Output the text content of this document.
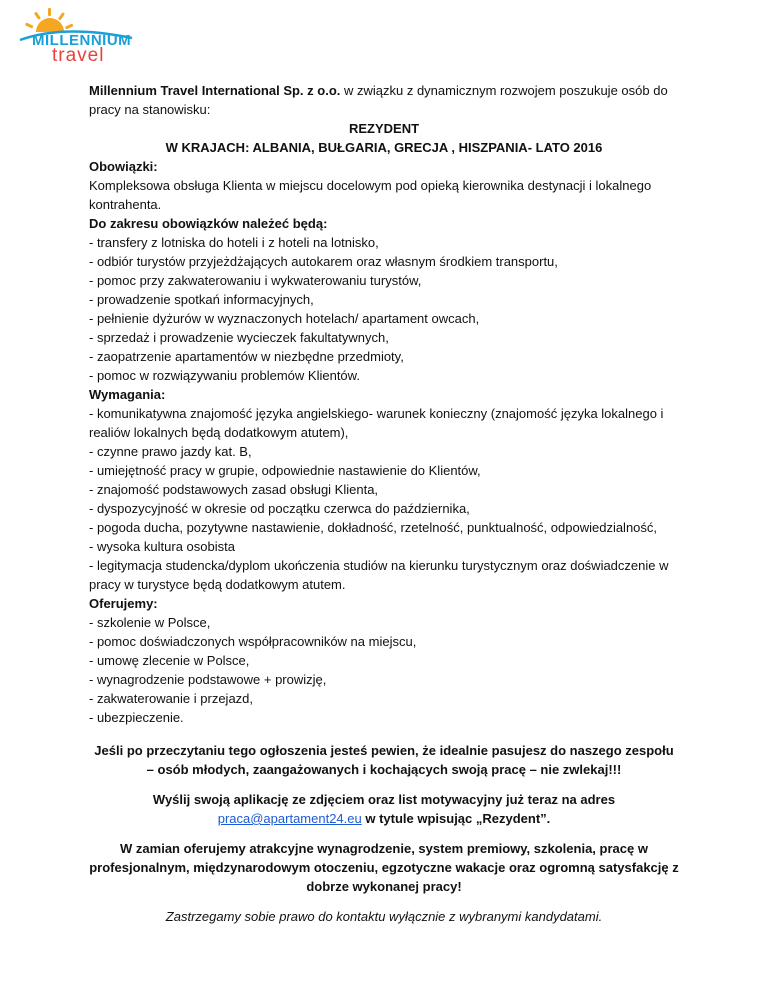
MILLENNIUM
travel

Millennium Travel International Sp. z o.o. w związku z dynamicznym rozwojem poszukuje osób do pracy na stanowisku:

REZYDENT

W KRAJACH: ALBANIA, BUŁGARIA, GRECJA , HISZPANIA- LATO 2016

Obowiązki:

Kompleksowa obsługa Klienta w miejscu docelowym pod opieką kierownika destynacji i lokalnego kontrahenta.

Do zakresu obowiązków należeć będą:

- transfery z lotniska do hoteli i z hoteli na lotnisko,
- odbiór turystów przyjeżdżających autokarem oraz własnym środkiem transportu,
- pomoc przy zakwaterowaniu i wykwaterowaniu turystów,
- prowadzenie spotkań informacyjnych,
- pełnienie dyżurów w wyznaczonych hotelach/ apartament owcach,
- sprzedaż i prowadzenie wycieczek fakultatywnych,
- zaopatrzenie apartamentów w niezbędne przedmioty,
- pomoc w rozwiązywaniu problemów Klientów.

Wymagania:

- komunikatywna znajomość języka angielskiego- warunek konieczny (znajomość języka lokalnego i realiów lokalnych będą dodatkowym atutem),
- czynne prawo jazdy kat. B,
- umiejętność pracy w grupie, odpowiednie nastawienie do Klientów,
- znajomość podstawowych zasad obsługi Klienta,
- dyspozycyjność w okresie od początku czerwca do października,
- pogoda ducha, pozytywne nastawienie, dokładność, rzetelność, punktualność, odpowiedzialność,
- wysoka kultura osobista
- legitymacja studencka/dyplom ukończenia studiów na kierunku turystycznym oraz doświadczenie w pracy w turystyce będą dodatkowym atutem.

Oferujemy:

- szkolenie w Polsce,
- pomoc doświadczonych współpracowników na miejscu,
- umowę zlecenie w Polsce,
- wynagrodzenie podstawowe + prowizję,
- zakwaterowanie i przejazd,
- ubezpieczenie.

Jeśli po przeczytaniu tego ogłoszenia jesteś pewien, że idealnie pasujesz do naszego zespołu – osób młodych, zaangażowanych i kochających swoją pracę – nie zwlekaj!!!

Wyślij swoją aplikację ze zdjęciem oraz list motywacyjny już teraz na adres praca@apartament24.eu w tytule wpisując „Rezydent”.

W zamian oferujemy atrakcyjne wynagrodzenie, system premiowy, szkolenia, pracę w profesjonalnym, międzynarodowym otoczeniu, egzotyczne wakacje oraz ogromną satysfakcję z dobrze wykonanej pracy!

Zastrzegamy sobie prawo do kontaktu wyłącznie z wybranymi kandydatami.
